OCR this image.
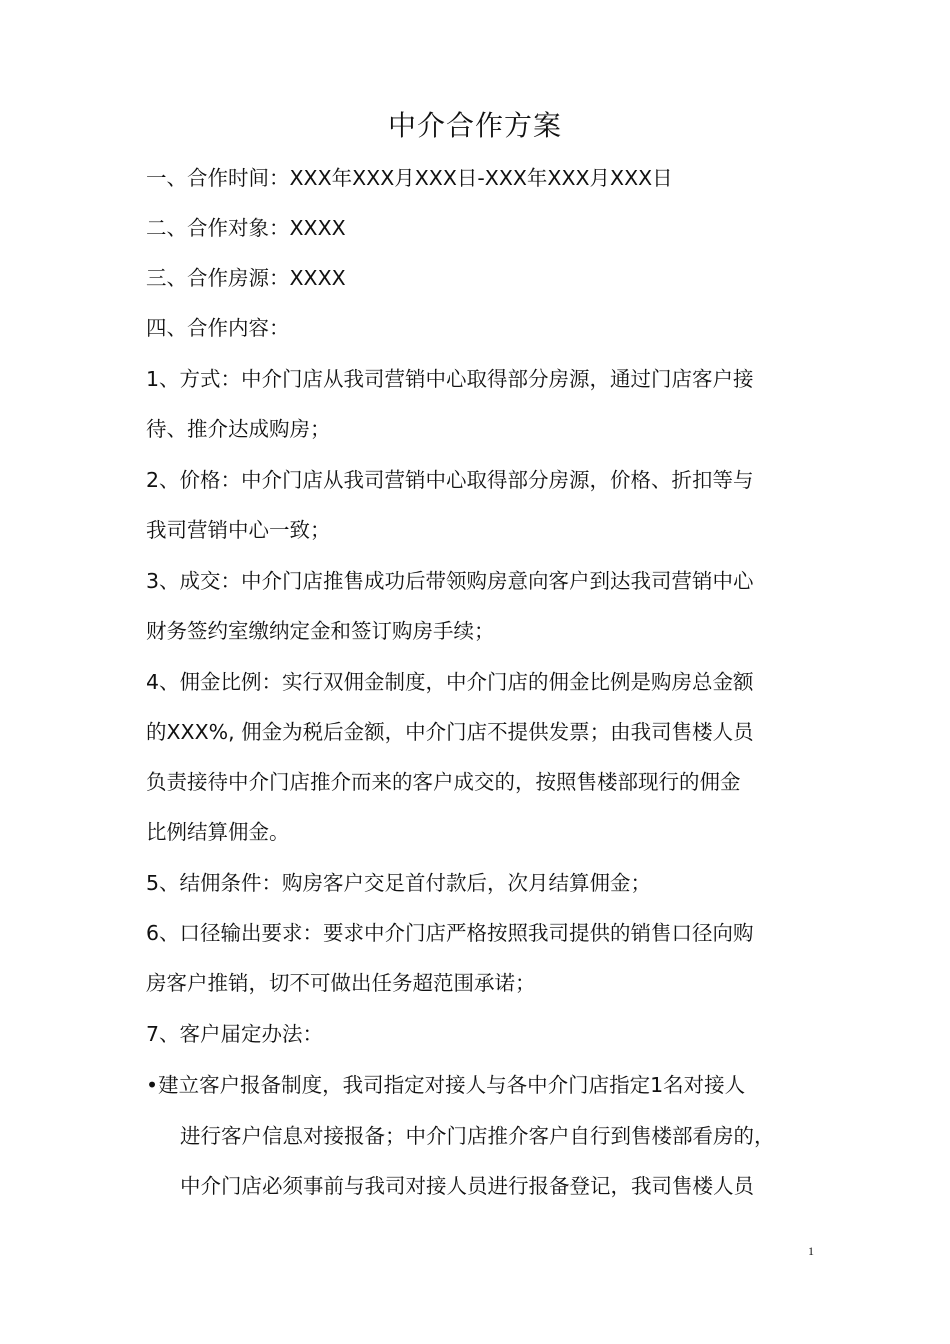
中介合作方案
一、合作时间：XXX年XXX月XXX日-XXX年XXX月XXX日
二、合作对象：XXXX
三、合作房源：XXXX
四、合作内容：
1、方式：中介门店从我司营销中心取得部分房源，通过门店客户接
待、推介达成购房；
2、价格：中介门店从我司营销中心取得部分房源，价格、折扣等与
我司营销中心一致；
3、成交：中介门店推售成功后带领购房意向客户到达我司营销中心
财务签约室缴纳定金和签订购房手续；
4、佣金比例：实行双佣金制度，中介门店的佣金比例是购房总金额
的XXX%, 佣金为税后金额，中介门店不提供发票；由我司售楼人员
负责接待中介门店推介而来的客户成交的，按照售楼部现行的佣金
比例结算佣金。
5、结佣条件：购房客户交足首付款后，次月结算佣金；
6、口径输出要求：要求中介门店严格按照我司提供的销售口径向购
房客户推销，切不可做出任务超范围承诺；
7、客户届定办法：
•建立客户报备制度，我司指定对接人与各中介门店指定1名对接人
进行客户信息对接报备；中介门店推介客户自行到售楼部看房的，
中介门店必须事前与我司对接人员进行报备登记，我司售楼人员
1
